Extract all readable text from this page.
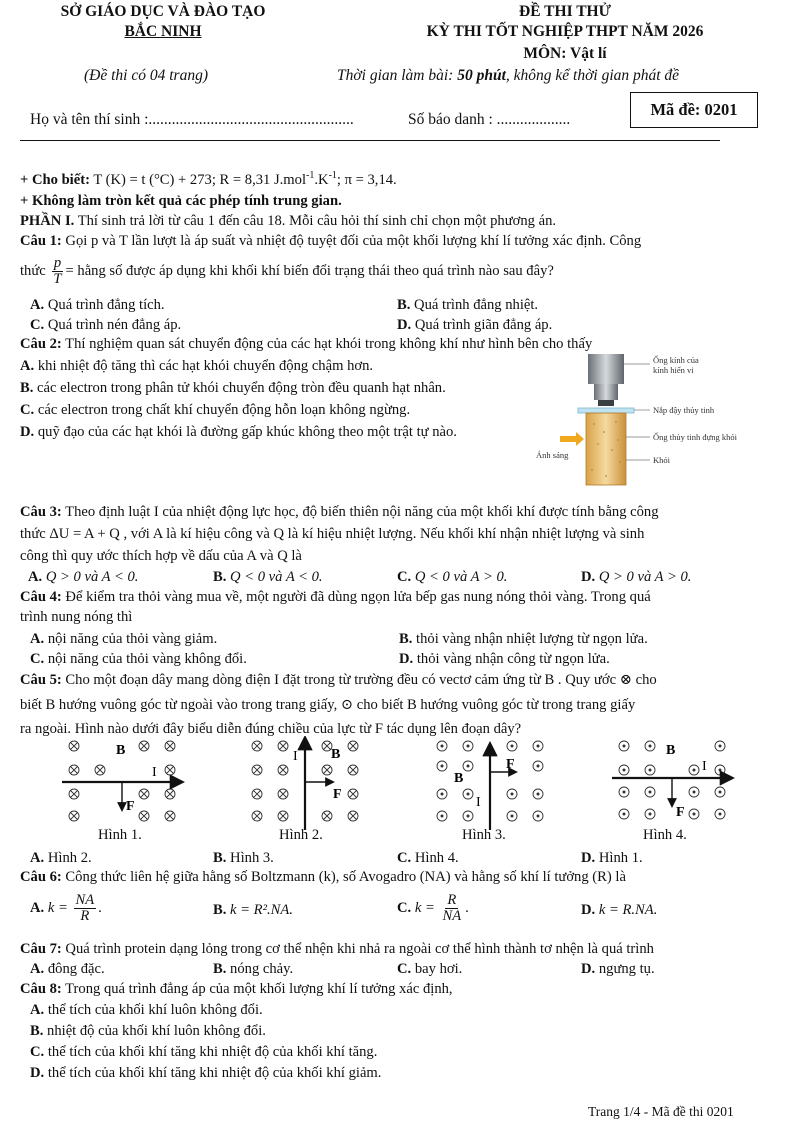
SỞ GIÁO DỤC VÀ ĐÀO TẠO
BẮC NINH
(Đề thi có 04 trang)
ĐỀ THI THỬ
KỲ THI TỐT NGHIỆP THPT NĂM 2026
MÔN: Vật lí
Thời gian làm bài: 50 phút, không kể thời gian phát đề
Họ và tên thí sinh :.....................................................	Số báo danh : ...................
Mã đề: 0201
+ Cho biết: T (K) = t (°C) + 273; R = 8,31 $J.mol^{-1}.K^{-1}$; π = 3,14.
+ Không làm tròn kết quả các phép tính trung gian.
PHẦN I. Thí sinh trả lời từ câu 1 đến câu 18. Mỗi câu hỏi thí sinh chỉ chọn một phương án.
Câu 1: Gọi p và T lần lượt là áp suất và nhiệt độ tuyệt đối của một khối lượng khí lí tưởng xác định. Công
thức $\frac{p}{T}$ = hằng số được áp dụng khi khối khí biến đổi trạng thái theo quá trình nào sau đây?
A. Quá trình đẳng tích.	B. Quá trình đẳng nhiệt.
C. Quá trình nén đẳng áp.	D. Quá trình giãn đẳng áp.
Câu 2: Thí nghiệm quan sát chuyển động của các hạt khói trong không khí như hình bên cho thấy
A. khi nhiệt độ tăng thì các hạt khói chuyển động chậm hơn.
B. các electron trong phân tử khói chuyển động tròn đều quanh hạt nhân.
C. các electron trong chất khí chuyển động hỗn loạn không ngừng.
D. quỹ đạo của các hạt khói là đường gấp khúc không theo một trật tự nào.
Ống kính của
kính hiển vi
Nắp đậy thủy tinh
Ống thủy tinh đựng khói
Ánh sáng	Khói
Câu 3: Theo định luật I của nhiệt động lực học, độ biến thiên nội năng của một khối khí được tính bằng công
thức ΔU = A + Q , với A là kí hiệu công và Q là kí hiệu nhiệt lượng. Nếu khối khí nhận nhiệt lượng và sinh
công thì quy ước thích hợp về dấu của A và Q là
A. Q > 0 và A < 0.	B. Q < 0 và A < 0.	C. Q < 0 và A > 0.	D. Q > 0 và A > 0.
Câu 4: Để kiểm tra thỏi vàng mua về, một người đã dùng ngọn lửa bếp gas nung nóng thỏi vàng. Trong quá
trình nung nóng thì
A. nội năng của thỏi vàng giảm.	B. thỏi vàng nhận nhiệt lượng từ ngọn lửa.
C. nội năng của thỏi vàng không đổi.	D. thỏi vàng nhận công từ ngọn lửa.
Câu 5: Cho một đoạn dây mang dòng điện I đặt trong từ trường đều có vectơ cảm ứng từ B . Quy ước ⊗ cho
biết B hướng vuông góc từ ngoài vào trong trang giấy, ⊙ cho biết B hướng vuông góc từ trong trang giấy
ra ngoài. Hình nào dưới đây biểu diễn đúng chiều của lực từ F tác dụng lên đoạn dây?
B
I
F
I B
F
B
I
F
B
I
F
Hình 1.	Hình 2.	Hình 3.	Hình 4.
A. Hình 2.	B. Hình 3.	C. Hình 4.	D. Hình 1.
Câu 6: Công thức liên hệ giữa hằng số Boltzmann (k), số Avogadro (NA) và hằng số khí lí tưởng (R) là
A. $k = \frac{NA}{R}$ .	B. k = R².NA.	C. $k = \frac{R}{NA}$ .	D. k = R.NA.
Câu 7: Quá trình protein dạng lỏng trong cơ thể nhện khi nhả ra ngoài cơ thể hình thành tơ nhện là quá trình
A. đông đặc.	B. nóng chảy.	C. bay hơi.	D. ngưng tụ.
Câu 8: Trong quá trình đẳng áp của một khối lượng khí lí tưởng xác định,
A. thể tích của khối khí luôn không đổi.
B. nhiệt độ của khối khí luôn không đổi.
C. thể tích của khối khí tăng khi nhiệt độ của khối khí tăng.
D. thể tích của khối khí tăng khi nhiệt độ của khối khí giảm.
Trang 1/4 - Mã đề thi 0201
